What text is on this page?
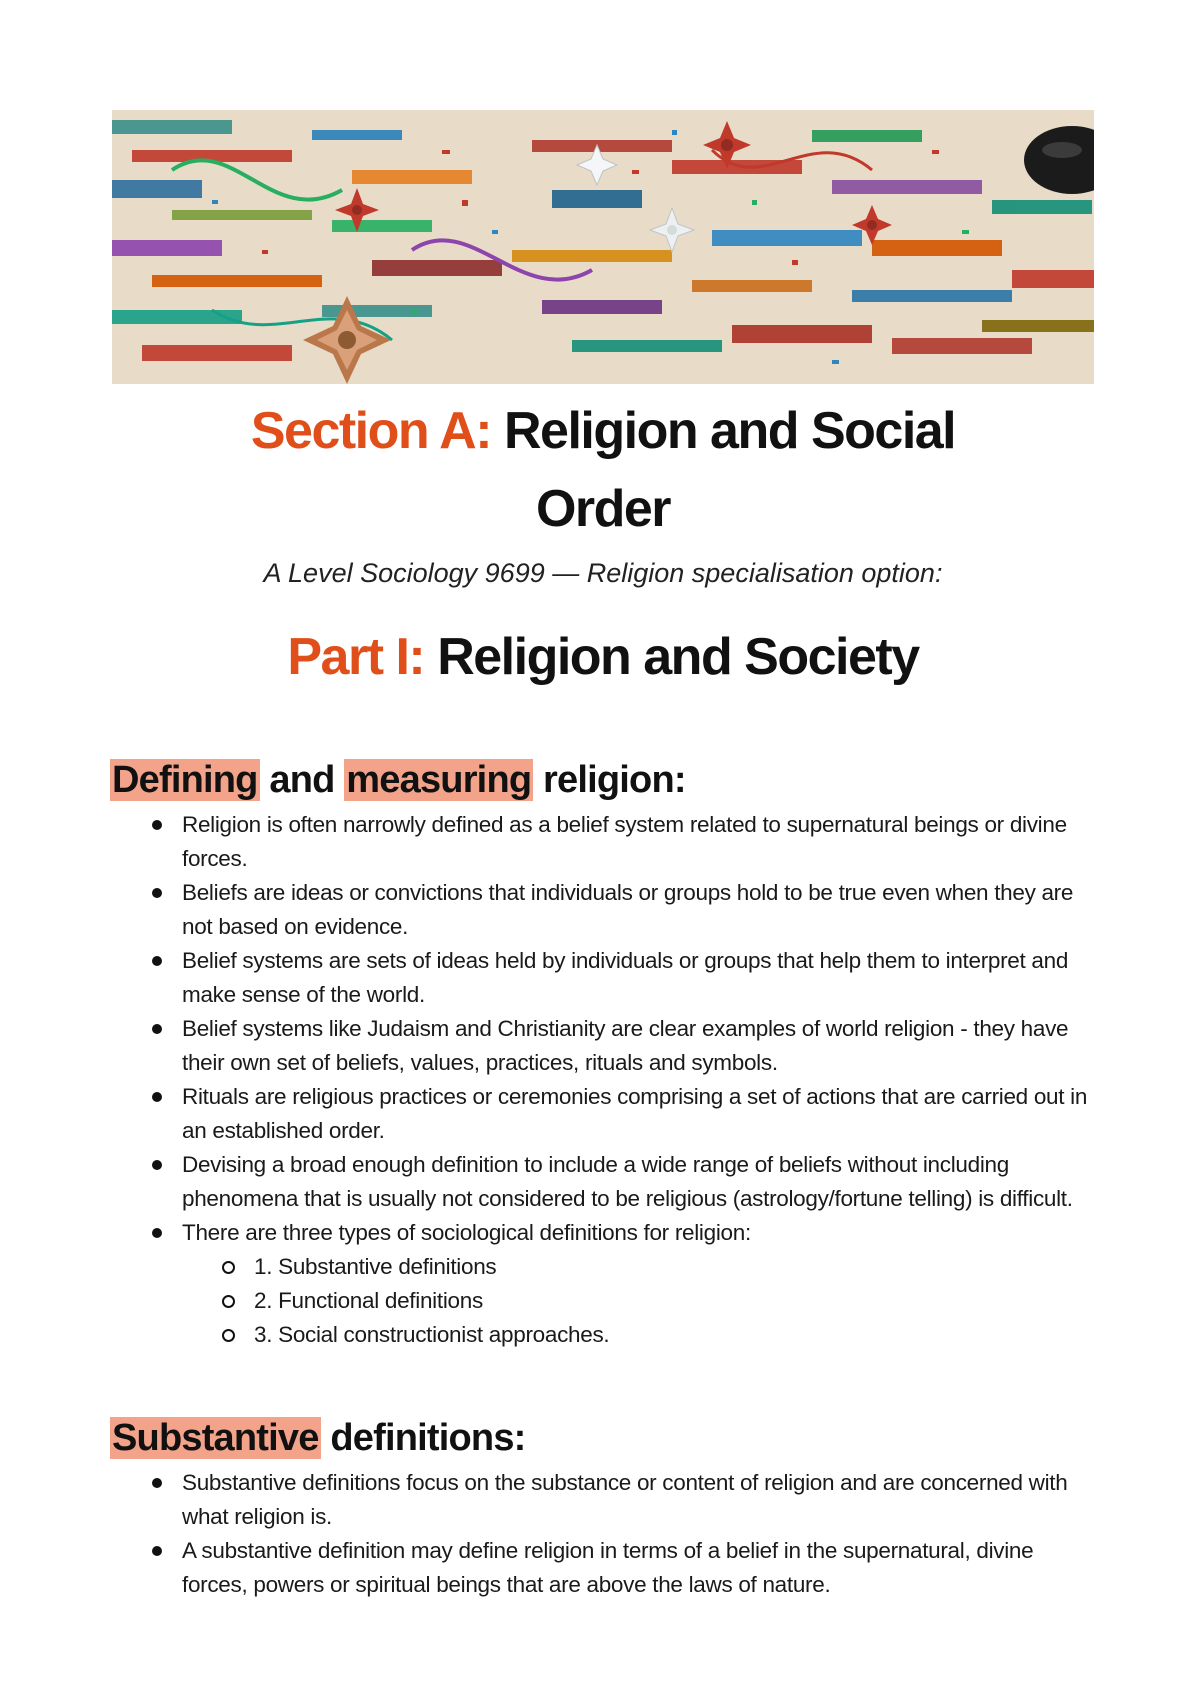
Section A: Religion and Social
Order
A Level Sociology 9699 — Religion specialisation option:
Part I: Religion and Society
Defining and measuring religion:
Religion is often narrowly defined as a belief system related to supernatural beings or divine forces.
Beliefs are ideas or convictions that individuals or groups hold to be true even when they are not based on evidence.
Belief systems are sets of ideas held by individuals or groups that help them to interpret and make sense of the world.
Belief systems like Judaism and Christianity are clear examples of world religion - they have their own set of beliefs, values, practices, rituals and symbols.
Rituals are religious practices or ceremonies comprising a set of actions that are carried out in an established order.
Devising a broad enough definition to include a wide range of beliefs without including phenomena that is usually not considered to be religious (astrology/fortune telling) is difficult.
There are three types of sociological definitions for religion:
1. Substantive definitions
2. Functional definitions
3. Social constructionist approaches.
Substantive definitions:
Substantive definitions focus on the substance or content of religion and are concerned with what religion is.
A substantive definition may define religion in terms of a belief in the supernatural, divine forces, powers or spiritual beings that are above the laws of nature.
